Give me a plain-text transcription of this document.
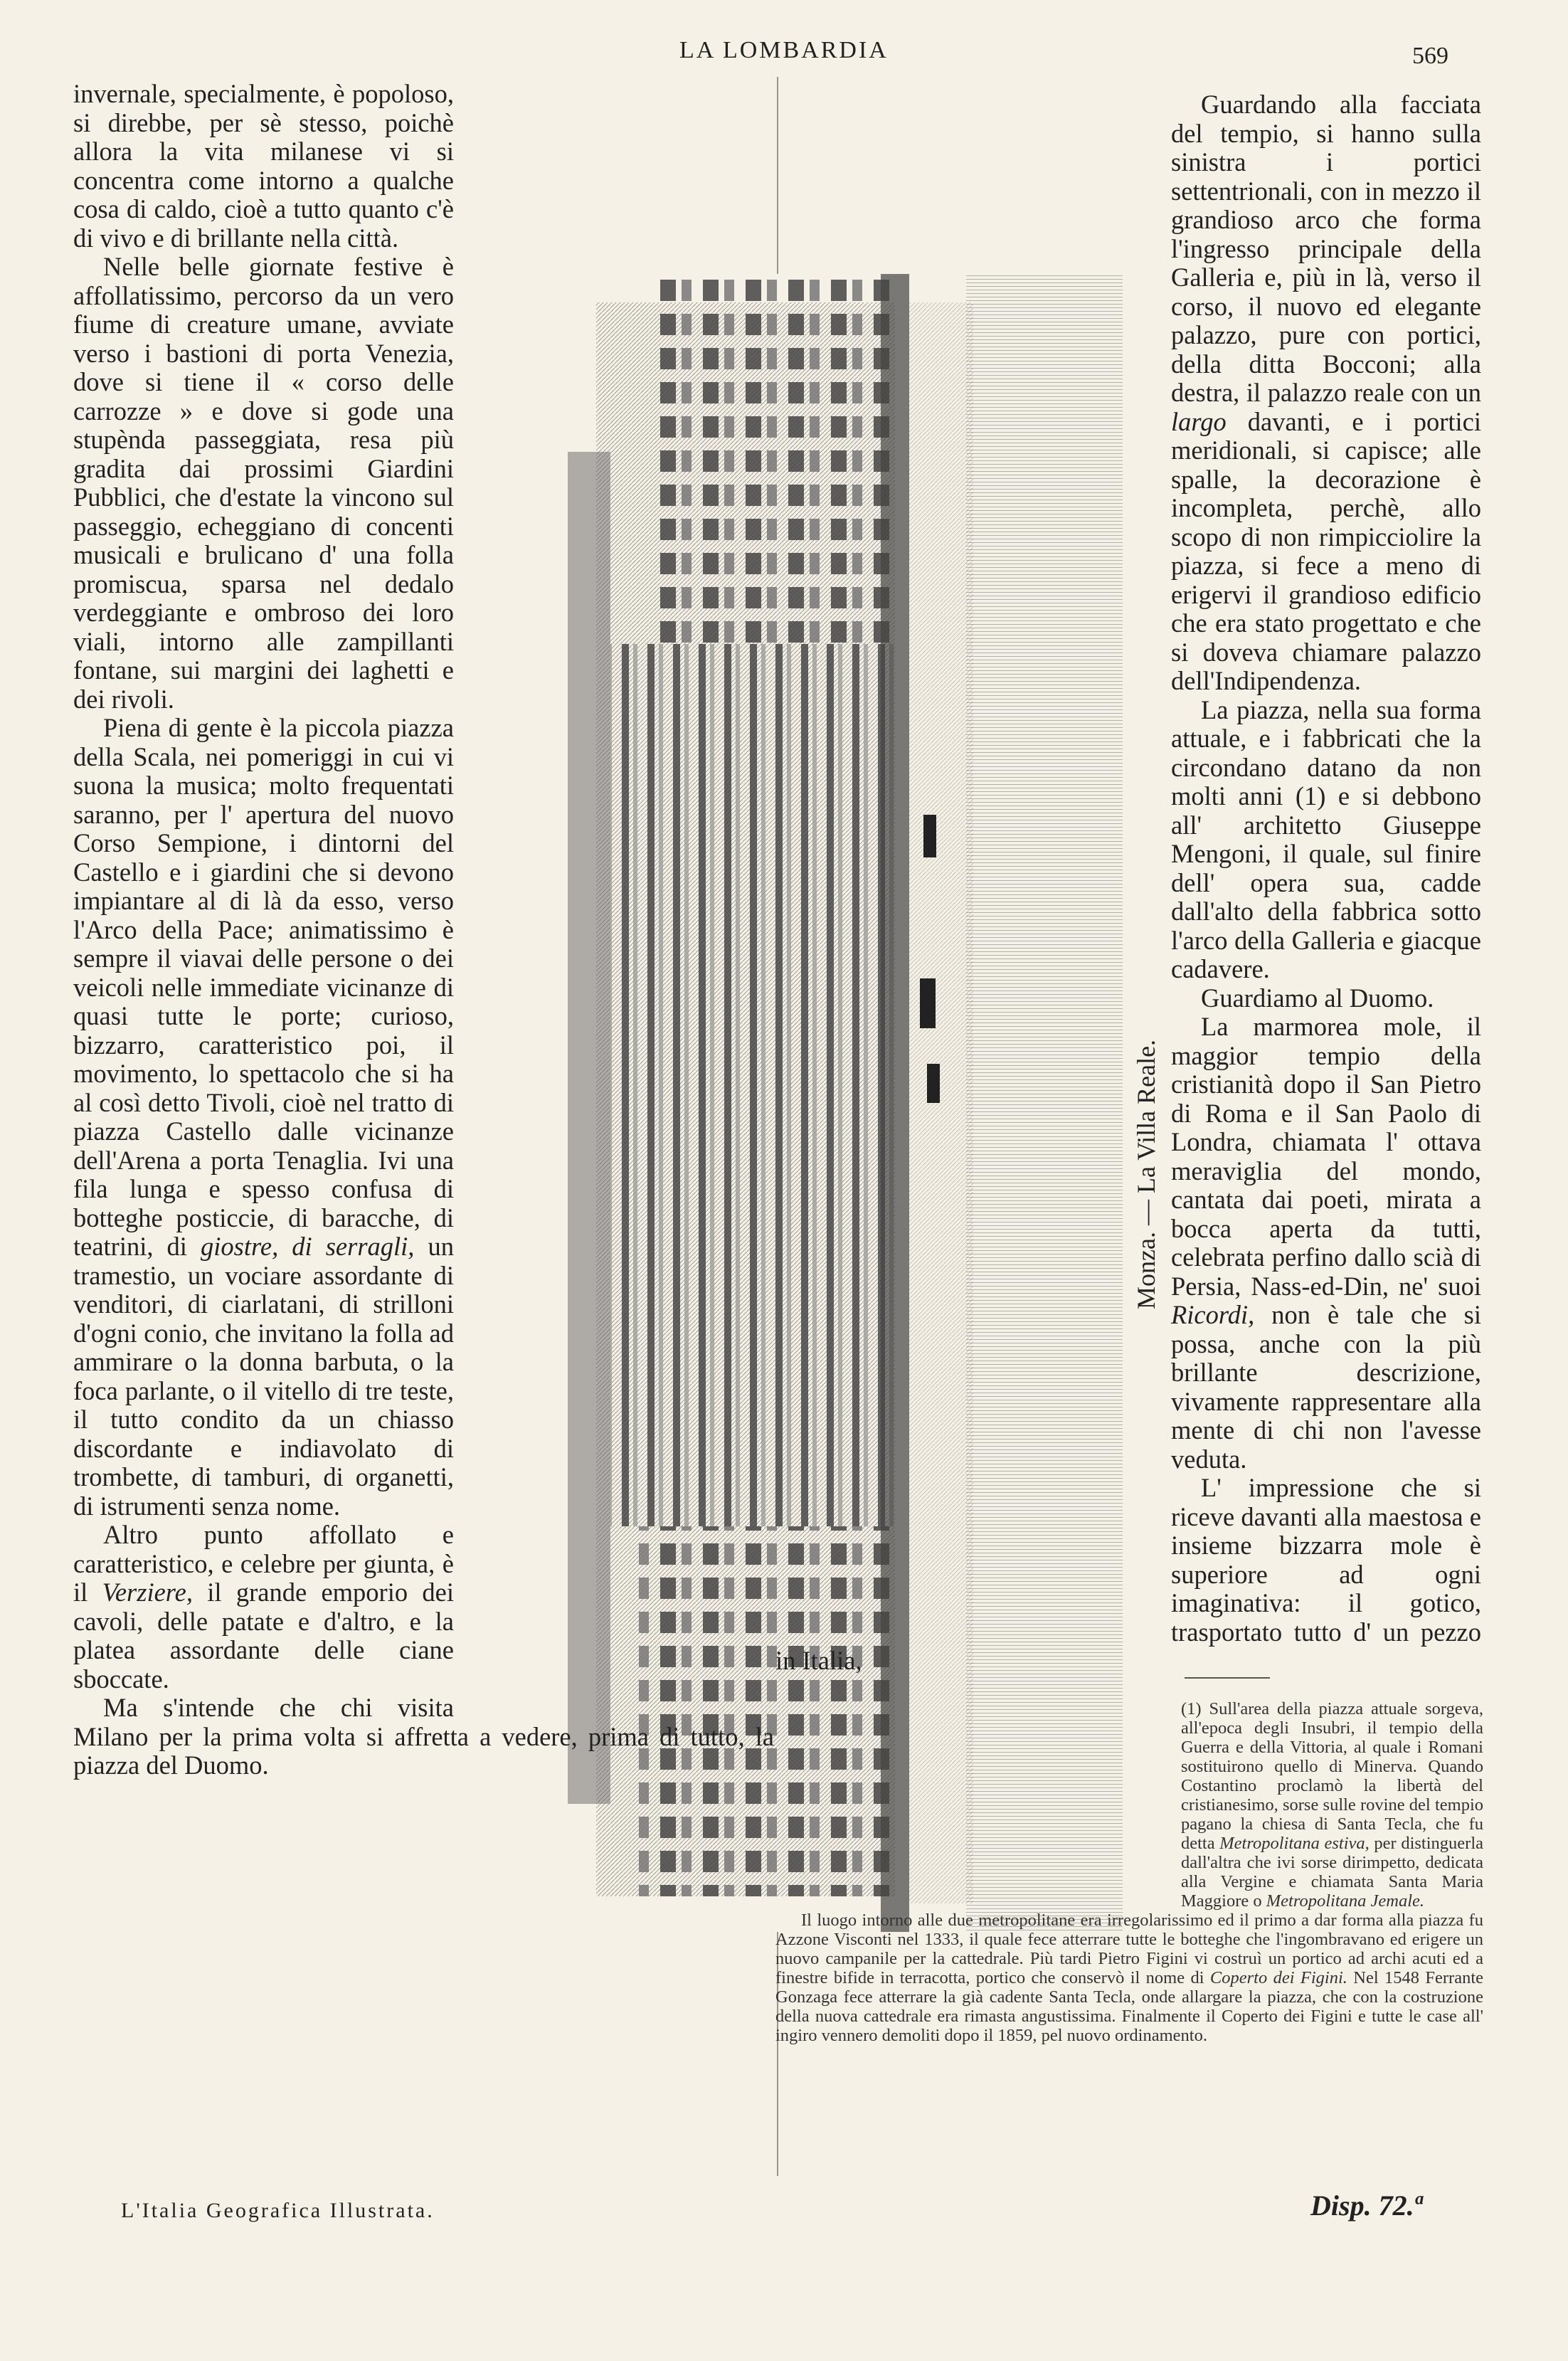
LA LOMBARDIA	569
Monza. — La Villa Reale.

invernale, specialmente, è popoloso, si direbbe, per sè stesso, poichè allora la vita milanese vi si concentra come intorno a qualche cosa di caldo, cioè a tutto quanto c'è di vivo e di brillante nella città.

Nelle belle giornate festive è affollatissimo, percorso da un vero fiume di creature umane, avviate verso i bastioni di porta Venezia, dove si tiene il « corso delle carrozze » e dove si gode una stupènda passeggiata, resa più gradita dai prossimi Giardini Pubblici, che d'estate la vincono sul passeggio, echeggiano di concenti musicali e brulicano d' una folla promiscua, sparsa nel dedalo verdeggiante e ombroso dei loro viali, intorno alle zampillanti fontane, sui margini dei laghetti e dei rivoli.

Piena di gente è la piccola piazza della Scala, nei pomeriggi in cui vi suona la musica; molto frequentati saranno, per l' apertura del nuovo Corso Sempione, i dintorni del Castello e i giardini che si devono impiantare al di là da esso, verso l'Arco della Pace; animatissimo è sempre il viavai delle persone o dei veicoli nelle immediate vicinanze di quasi tutte le porte; curioso, bizzarro, caratteristico poi, il movimento, lo spettacolo che si ha al così detto Tivoli, cioè nel tratto di piazza Castello dalle vicinanze dell'Arena a porta Tenaglia. Ivi una fila lunga e spesso confusa di botteghe posticcie, di baracche, di teatrini, di giostre, di serragli, un tramestio, un vociare assordante di venditori, di ciarlatani, di strilloni d'ogni conio, che invitano la folla ad ammirare o la donna barbuta, o la foca parlante, o il vitello di tre teste, il tutto condito da un chiasso discordante e indiavolato di trombette, di tamburi, di organetti, di istrumenti senza nome.

Altro punto affollato e caratteristico, e celebre per giunta, è il Verziere, il grande emporio dei cavoli, delle patate e d'altro, e la platea assordante delle ciane sboccate.

Ma s'intende che chi visita Milano per la prima volta si affretta a vedere, prima di tutto, la piazza del Duomo.

Guardando alla facciata del tempio, si hanno sulla sinistra i portici settentrionali, con in mezzo il grandioso arco che forma l'ingresso principale della Galleria e, più in là, verso il corso, il nuovo ed elegante palazzo, pure con portici, della ditta Bocconi; alla destra, il palazzo reale con un largo davanti, e i portici meridionali, si capisce; alle spalle, la decorazione è incompleta, perchè, allo scopo di non rimpicciolire la piazza, si fece a meno di erigervi il grandioso edificio che era stato progettato e che si doveva chiamare palazzo dell'Indipendenza.

La piazza, nella sua forma attuale, e i fabbricati che la circondano datano da non molti anni (1) e si debbono all' architetto Giuseppe Mengoni, il quale, sul finire dell' opera sua, cadde dall'alto della fabbrica sotto l'arco della Galleria e giacque cadavere.

Guardiamo al Duomo.

La marmorea mole, il maggior tempio della cristianità dopo il San Pietro di Roma e il San Paolo di Londra, chiamata l' ottava meraviglia del mondo, cantata dai poeti, mirata a bocca aperta da tutti, celebrata perfino dallo scià di Persia, Nass-ed-Din, ne' suoi Ricordi, non è tale che si possa, anche con la più brillante descrizione, vivamente rappresentare alla mente di chi non l'avesse veduta.

L' impressione che si riceve davanti alla maestosa e insieme bizzarra mole è superiore ad ogni imaginativa: il gotico, trasportato tutto d' un pezzo in Italia,

(1) Sull'area della piazza attuale sorgeva, all'epoca degli Insubri, il tempio della Guerra e della Vittoria, al quale i Romani sostituirono quello di Minerva. Quando Costantino proclamò la libertà del cristianesimo, sorse sulle rovine del tempio pagano la chiesa di Santa Tecla, che fu detta Metropolitana estiva, per distinguerla dall'altra che ivi sorse dirimpetto, dedicata alla Vergine e chiamata Santa Maria Maggiore o Metropolitana Jemale.

Il luogo intorno alle due metropolitane era irregolarissimo ed il primo a dar forma alla piazza fu Azzone Visconti nel 1333, il quale fece atterrare tutte le botteghe che l'ingombravano ed erigere un nuovo campanile per la cattedrale. Più tardi Pietro Figini vi costruì un portico ad archi acuti ed a finestre bifide in terracotta, portico che conservò il nome di Coperto dei Figini. Nel 1548 Ferrante Gonzaga fece atterrare la già cadente Santa Tecla, onde allargare la piazza, che con la costruzione della nuova cattedrale era rimasta angustissima. Finalmente il Coperto dei Figini e tutte le case all' ingiro vennero demoliti dopo il 1859, pel nuovo ordinamento.

L'Italia Geografica Illustrata.	Disp. 72.ª
